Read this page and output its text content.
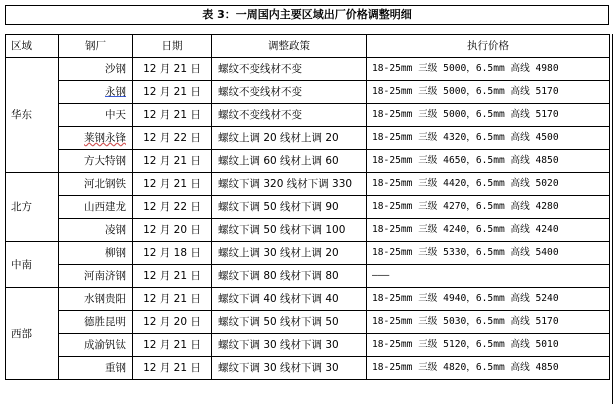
表 3：一周国内主要区域出厂价格调整明细
区域	钢厂	日期	调整政策	执行价格
华东	沙钢	12 月 21 日	螺纹不变线材不变	18-25mm 三级 5000，6.5mm 高线 4980
	永钢	12 月 21 日	螺纹不变线材不变	18-25mm 三级 5000，6.5mm 高线 5170
	中天	12 月 21 日	螺纹不变线材不变	18-25mm 三级 5000，6.5mm 高线 5170
	莱钢永锋	12 月 22 日	螺纹上调 20 线材上调 20	18-25mm 三级 4320，6.5mm 高线 4500
	方大特钢	12 月 21 日	螺纹上调 60 线材上调 60	18-25mm 三级 4650，6.5mm 高线 4850
北方	河北钢铁	12 月 21 日	螺纹下调 320 线材下调 330	18-25mm 三级 4420，6.5mm 高线 5020
	山西建龙	12 月 22 日	螺纹下调 50 线材下调 90	18-25mm 三级 4270，6.5mm 高线 4280
	凌钢	12 月 20 日	螺纹下调 50 线材下调 100	18-25mm 三级 4240，6.5mm 高线 4240
中南	柳钢	12 月 18 日	螺纹上调 30 线材上调 20	18-25mm 三级 5330，6.5mm 高线 5400
	河南济钢	12 月 21 日	螺纹下调 80 线材下调 80	———
西部	水钢贵阳	12 月 21 日	螺纹下调 40 线材下调 40	18-25mm 三级 4940，6.5mm 高线 5240
	德胜昆明	12 月 20 日	螺纹下调 50 线材下调 50	18-25mm 三级 5030，6.5mm 高线 5170
	成渝钒钛	12 月 21 日	螺纹下调 30 线材下调 30	18-25mm 三级 5120，6.5mm 高线 5010
	重钢	12 月 21 日	螺纹下调 30 线材下调 30	18-25mm 三级 4820，6.5mm 高线 4850
